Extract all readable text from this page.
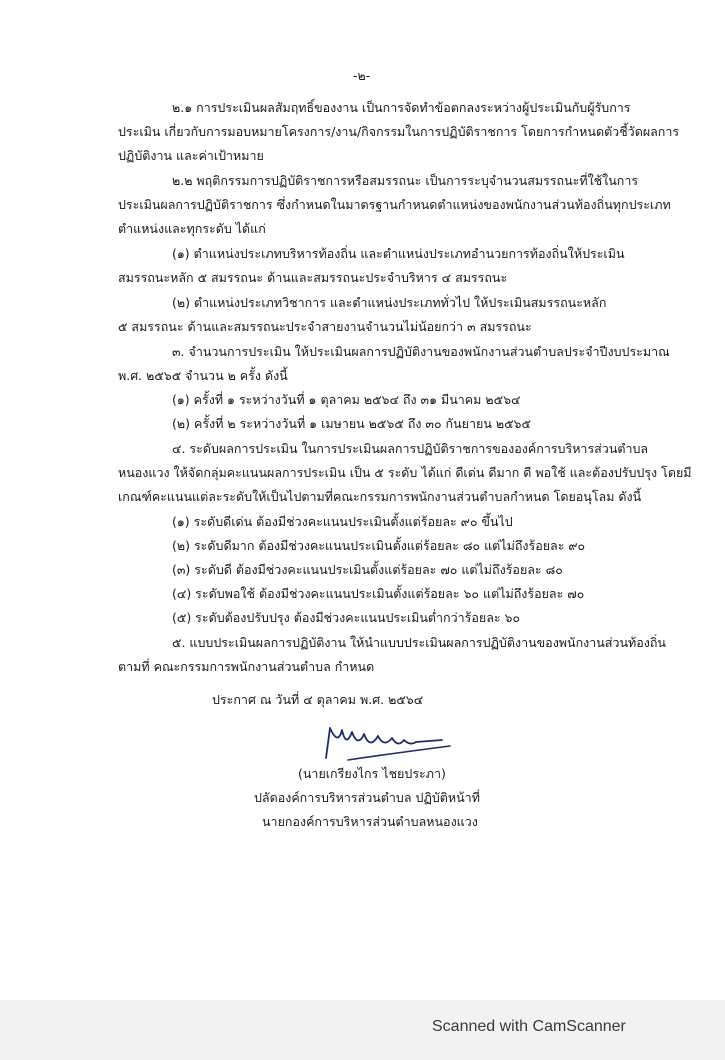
-๒-
๒.๑ การประเมินผลสัมฤทธิ์ของงาน เป็นการจัดทำข้อตกลงระหว่างผู้ประเมินกับผู้รับการ
ประเมิน เกี่ยวกับการมอบหมายโครงการ/งาน/กิจกรรมในการปฏิบัติราชการ โดยการกำหนดตัวชี้วัดผลการ
ปฏิบัติงาน และค่าเป้าหมาย
๒.๒ พฤติกรรมการปฏิบัติราชการหรือสมรรถนะ เป็นการระบุจำนวนสมรรถนะที่ใช้ในการ
ประเมินผลการปฏิบัติราชการ ซึ่งกำหนดในมาตรฐานกำหนดตำแหน่งของพนักงานส่วนท้องถิ่นทุกประเภท
ตำแหน่งและทุกระดับ ได้แก่
(๑) ตำแหน่งประเภทบริหารท้องถิ่น และตำแหน่งประเภทอำนวยการท้องถิ่นให้ประเมิน
สมรรถนะหลัก ๕ สมรรถนะ ด้านและสมรรถนะประจำบริหาร ๔ สมรรถนะ
(๒) ตำแหน่งประเภทวิชาการ และตำแหน่งประเภททั่วไป ให้ประเมินสมรรถนะหลัก
๕ สมรรถนะ ด้านและสมรรถนะประจำสายงานจำนวนไม่น้อยกว่า ๓ สมรรถนะ
๓. จำนวนการประเมิน ให้ประเมินผลการปฏิบัติงานของพนักงานส่วนตำบลประจำปีงบประมาณ
พ.ศ. ๒๕๖๕ จำนวน ๒ ครั้ง ดังนี้
(๑) ครั้งที่ ๑ ระหว่างวันที่ ๑ ตุลาคม ๒๕๖๔ ถึง ๓๑ มีนาคม ๒๕๖๔
(๒) ครั้งที่ ๒ ระหว่างวันที่ ๑ เมษายน ๒๕๖๕ ถึง ๓๐ กันยายน ๒๕๖๕
๔. ระดับผลการประเมิน ในการประเมินผลการปฏิบัติราชการขององค์การบริหารส่วนตำบล
หนองแวง ให้จัดกลุ่มคะแนนผลการประเมิน เป็น ๕ ระดับ ได้แก่ ดีเด่น ดีมาก ดี พอใช้ และต้องปรับปรุง โดยมี
เกณฑ์คะแนนแต่ละระดับให้เป็นไปตามที่คณะกรรมการพนักงานส่วนตำบลกำหนด โดยอนุโลม ดังนี้
(๑) ระดับดีเด่น ต้องมีช่วงคะแนนประเมินตั้งแต่ร้อยละ ๙๐ ขึ้นไป
(๒) ระดับดีมาก ต้องมีช่วงคะแนนประเมินตั้งแต่ร้อยละ ๘๐ แต่ไม่ถึงร้อยละ ๙๐
(๓) ระดับดี ต้องมีช่วงคะแนนประเมินตั้งแต่ร้อยละ ๗๐ แต่ไม่ถึงร้อยละ ๘๐
(๔) ระดับพอใช้ ต้องมีช่วงคะแนนประเมินตั้งแต่ร้อยละ ๖๐ แต่ไม่ถึงร้อยละ ๗๐
(๕) ระดับต้องปรับปรุง ต้องมีช่วงคะแนนประเมินต่ำกว่าร้อยละ ๖๐
๕. แบบประเมินผลการปฏิบัติงาน ให้นำแบบประเมินผลการปฏิบัติงานของพนักงานส่วนท้องถิ่น
ตามที่ คณะกรรมการพนักงานส่วนตำบล กำหนด
ประกาศ ณ วันที่ ๔ ตุลาคม พ.ศ. ๒๕๖๔
(นายเกรียงไกร ไชยประภา)
ปลัดองค์การบริหารส่วนตำบล ปฏิบัติหน้าที่
นายกองค์การบริหารส่วนตำบลหนองแวง
Scanned with CamScanner
